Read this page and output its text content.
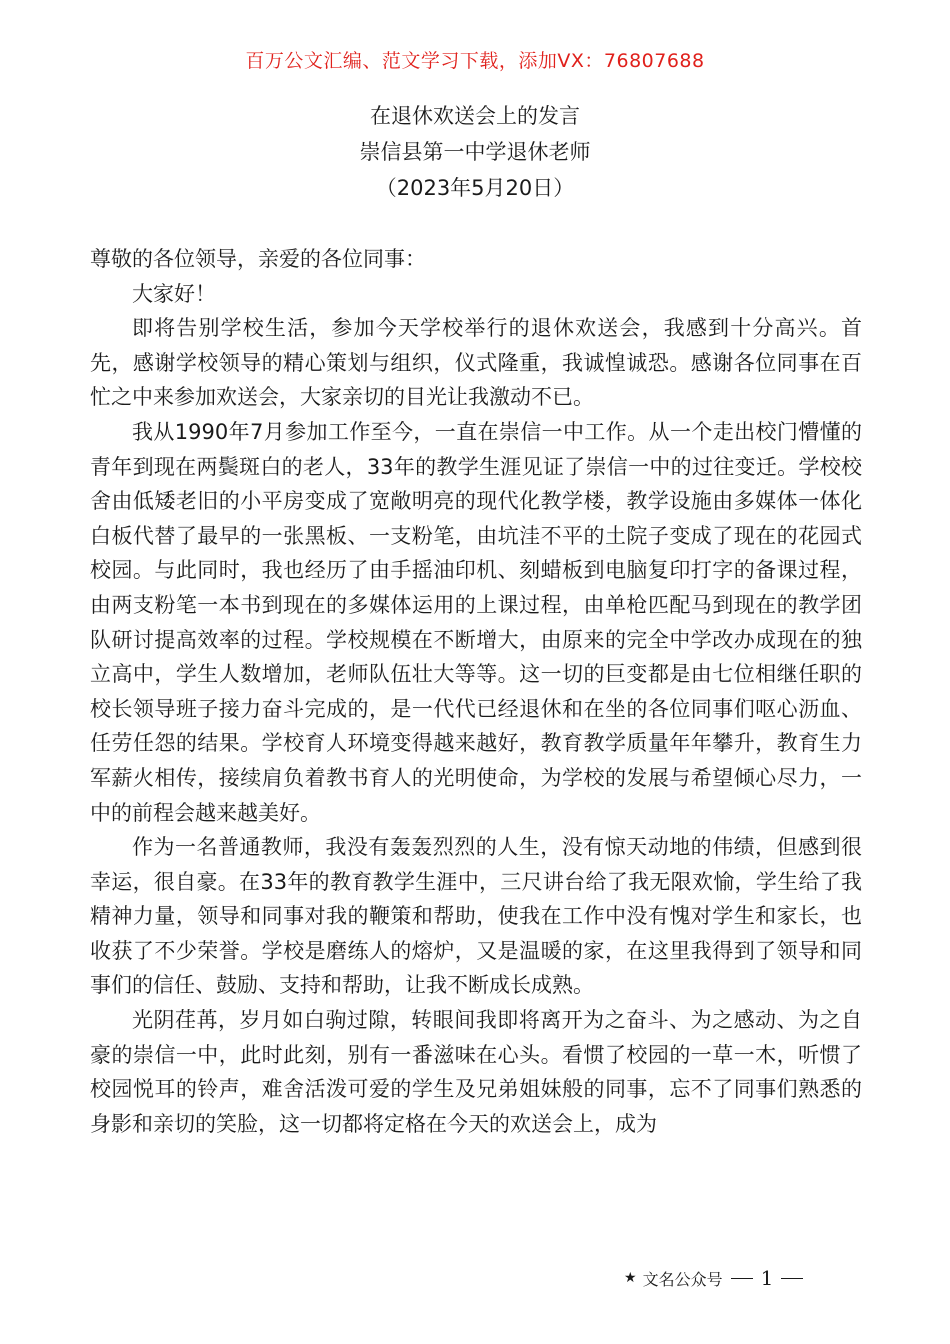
百万公文汇编、范文学习下载，添加VX：76807688
在退休欢送会上的发言
崇信县第一中学退休老师
（2023年5月20日）

尊敬的各位领导，亲爱的各位同事：

大家好！

即将告别学校生活，参加今天学校举行的退休欢送会，我感到十分高兴。首先，感谢学校领导的精心策划与组织，仪式隆重，我诚惶诚恐。感谢各位同事在百忙之中来参加欢送会，大家亲切的目光让我激动不已。

我从1990年7月参加工作至今，一直在崇信一中工作。从一个走出校门懵懂的青年到现在两鬓斑白的老人，33年的教学生涯见证了崇信一中的过往变迁。学校校舍由低矮老旧的小平房变成了宽敞明亮的现代化教学楼，教学设施由多媒体一体化白板代替了最早的一张黑板、一支粉笔，由坑洼不平的土院子变成了现在的花园式校园。与此同时，我也经历了由手摇油印机、刻蜡板到电脑复印打字的备课过程，由两支粉笔一本书到现在的多媒体运用的上课过程，由单枪匹配马到现在的教学团队研讨提高效率的过程。学校规模在不断增大，由原来的完全中学改办成现在的独立高中，学生人数增加，老师队伍壮大等等。这一切的巨变都是由七位相继任职的校长领导班子接力奋斗完成的，是一代代已经退休和在坐的各位同事们呕心沥血、任劳任怨的结果。学校育人环境变得越来越好，教育教学质量年年攀升，教育生力军薪火相传，接续肩负着教书育人的光明使命，为学校的发展与希望倾心尽力，一中的前程会越来越美好。

作为一名普通教师，我没有轰轰烈烈的人生，没有惊天动地的伟绩，但感到很幸运，很自豪。在33年的教育教学生涯中，三尺讲台给了我无限欢愉，学生给了我精神力量，领导和同事对我的鞭策和帮助，使我在工作中没有愧对学生和家长，也收获了不少荣誉。学校是磨练人的熔炉，又是温暖的家，在这里我得到了领导和同事们的信任、鼓励、支持和帮助，让我不断成长成熟。

光阴荏苒，岁月如白驹过隙，转眼间我即将离开为之奋斗、为之感动、为之自豪的崇信一中，此时此刻，别有一番滋味在心头。看惯了校园的一草一木，听惯了校园悦耳的铃声，难舍活泼可爱的学生及兄弟姐妹般的同事，忘不了同事们熟悉的身影和亲切的笑脸，这一切都将定格在今天的欢送会上，成为

★ 文名公众号 1
